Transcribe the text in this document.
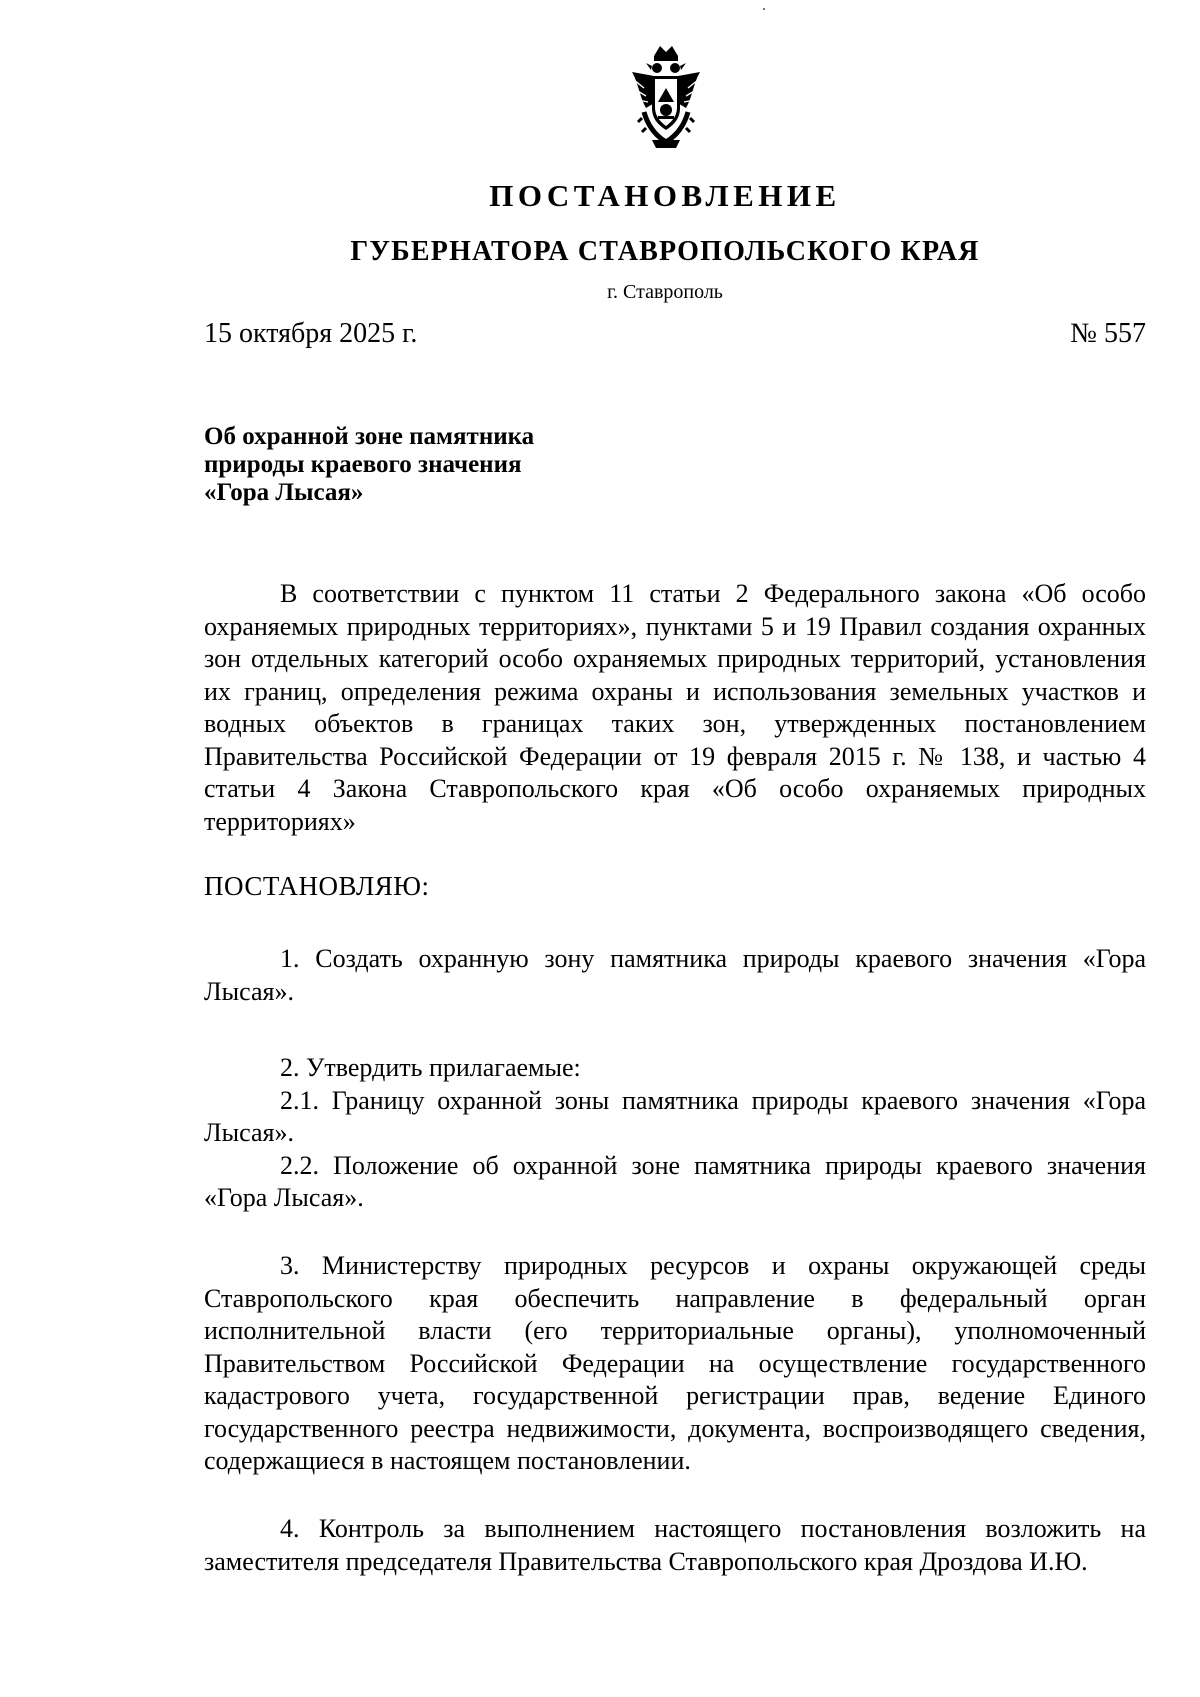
ПОСТАНОВЛЕНИЕ
ГУБЕРНАТОРА СТАВРОПОЛЬСКОГО КРАЯ
г. Ставрополь
15 октября 2025 г.	№ 557
Об охранной зоне памятника
природы краевого значения
«Гора Лысая»

В соответствии с пунктом 11 статьи 2 Федерального закона «Об особо охраняемых природных территориях», пунктами 5 и 19 Правил создания охранных зон отдельных категорий особо охраняемых природных территорий, установления их границ, определения режима охраны и использования земельных участков и водных объектов в границах таких зон, утвержденных постановлением Правительства Российской Федерации от 19 февраля 2015 г. № 138, и частью 4 статьи 4 Закона Ставропольского края «Об особо охраняемых природных территориях»

ПОСТАНОВЛЯЮ:

1. Создать охранную зону памятника природы краевого значения «Гора Лысая».

2. Утвердить прилагаемые:

2.1. Границу охранной зоны памятника природы краевого значения «Гора Лысая».

2.2. Положение об охранной зоне памятника природы краевого значения «Гора Лысая».

3. Министерству природных ресурсов и охраны окружающей среды Ставропольского края обеспечить направление в федеральный орган исполнительной власти (его территориальные органы), уполномоченный Правительством Российской Федерации на осуществление государственного кадастрового учета, государственной регистрации прав, ведение Единого государственного реестра недвижимости, документа, воспроизводящего сведения, содержащиеся в настоящем постановлении.

4. Контроль за выполнением настоящего постановления возложить на заместителя председателя Правительства Ставропольского края Дроздова И.Ю.
